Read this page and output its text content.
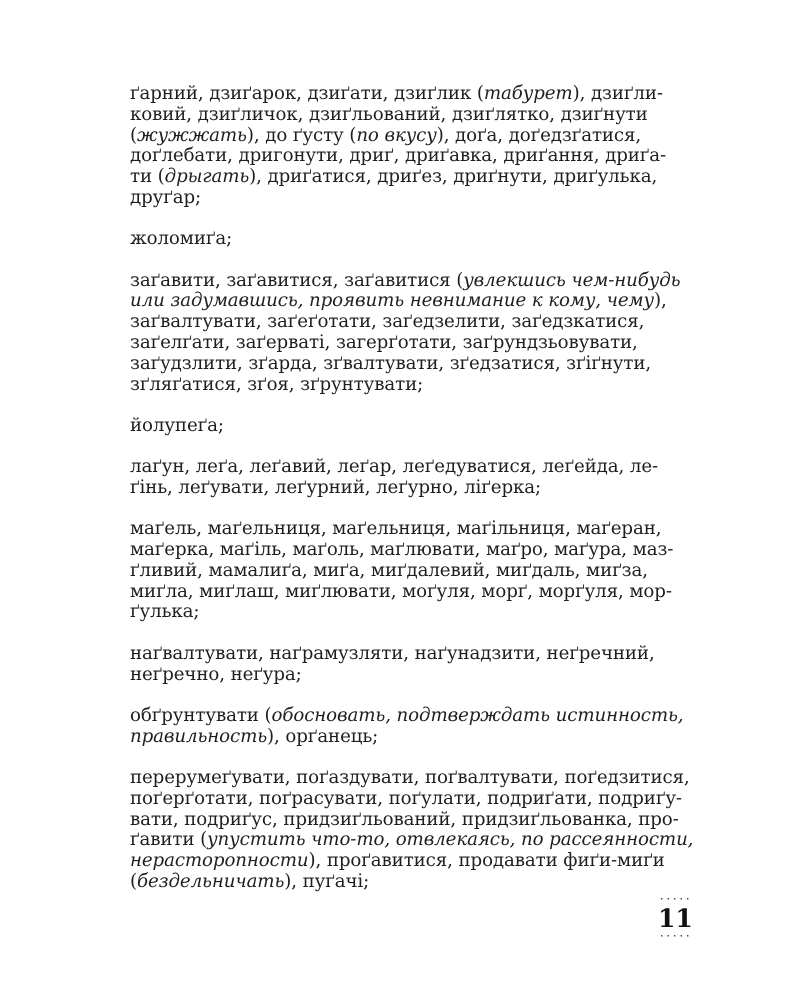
ґарний, дзиґарок, дзиґати, дзиґлик (табурет), дзиґли-
ковий, дзиґличок, дзиґльований, дзиґлятко, дзиґнути
(жужжать), до ґусту (по вкусу), доґа, доґедзґатися,
доґлебати, дригонути, дриґ, дриґавка, дриґання, дриґа-
ти (дрыгать), дриґатися, дриґез, дриґнути, дриґулька,
друґар;

жоломиґа;

заґавити, заґавитися, заґавитися (увлекшись чем-нибудь
или задумавшись, проявить невнимание к кому, чему),
заґвалтувати, заґеґотати, заґедзелити, заґедзкатися,
заґелґати, заґерватi, загерґотати, заґрундзьовувати,
заґудзлити, зґарда, зґвалтувати, зґедзатися, зґіґнути,
зґляґатися, зґоя, зґрунтувати;

йолупеґа;

лаґун, леґа, леґавий, леґар, леґедуватися, леґейда, ле-
ґінь, леґувати, леґурний, леґурно, ліґерка;

маґель, маґельниця, маґельниця, маґільниця, маґеран,
маґерка, маґіль, маґоль, маґлювати, маґро, маґура, маз-
ґливий, мамалиґа, миґа, миґдалевий, миґдаль, миґза,
миґла, миґлаш, миґлювати, моґуля, морґ, морґуля, мор-
ґулька;

наґвалтувати, наґрамузляти, наґунадзити, неґречний,
неґречно, неґура;

обґрунтувати (обосновать, подтверждать истинность,
правильность), орґанець;

перерумеґувати, поґаздувати, поґвалтувати, поґедзитися,
поґерґотати, поґрасувати, поґулати, подриґати, подриґу-
вати, подриґус, придзиґльований, придзиґльованка, про-
ґавити (упустить что-то, отвлекаясь, по рассеянности,
нерасторопности), проґавитися, продавати фиґи-миґи
(бездельничать), пуґачі;

·····
11
·····
